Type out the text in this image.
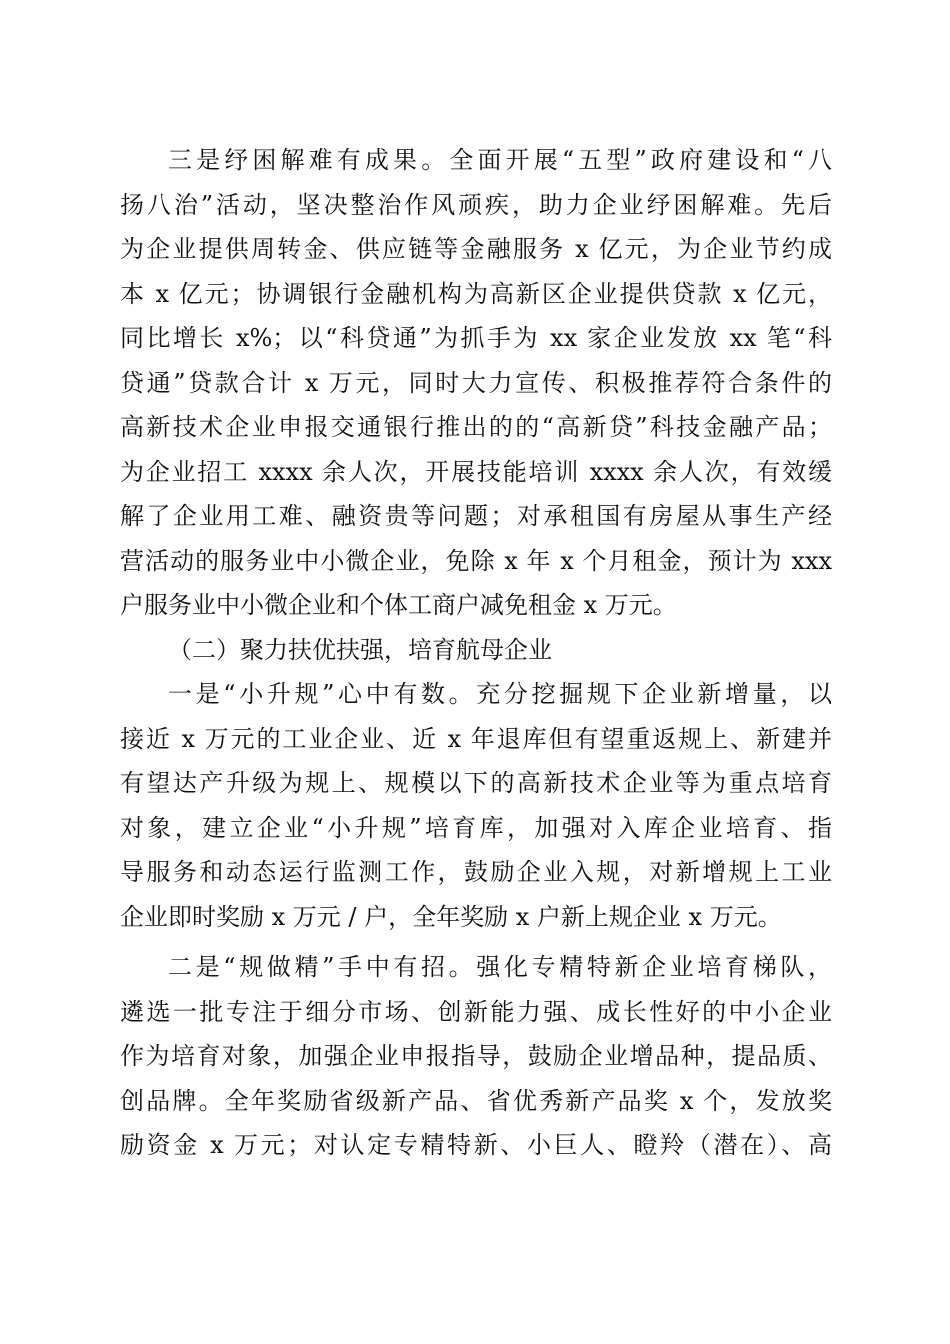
三是纾困解难有成果。全面开展“五型”政府建设和“八
扬八治”活动，坚决整治作风顽疾，助力企业纾困解难。先后
为企业提供周转金、供应链等金融服务 x 亿元，为企业节约成
本 x 亿元；协调银行金融机构为高新区企业提供贷款 x 亿元，
同比增长 x%；以“科贷通”为抓手为 xx 家企业发放 xx 笔“科
贷通”贷款合计 x 万元，同时大力宣传、积极推荐符合条件的
高新技术企业申报交通银行推出的的“高新贷”科技金融产品；
为企业招工 xxxx 余人次，开展技能培训 xxxx 余人次，有效缓
解了企业用工难、融资贵等问题；对承租国有房屋从事生产经
营活动的服务业中小微企业，免除 x 年 x 个月租金，预计为 xxx
户服务业中小微企业和个体工商户减免租金 x 万元。
（二）聚力扶优扶强，培育航母企业
一是“小升规”心中有数。充分挖掘规下企业新增量，以
接近 x 万元的工业企业、近 x 年退库但有望重返规上、新建并
有望达产升级为规上、规模以下的高新技术企业等为重点培育
对象，建立企业“小升规”培育库，加强对入库企业培育、指
导服务和动态运行监测工作，鼓励企业入规，对新增规上工业
企业即时奖励 x 万元 / 户，全年奖励 x 户新上规企业 x 万元。
二是“规做精”手中有招。强化专精特新企业培育梯队，
遴选一批专注于细分市场、创新能力强、成长性好的中小企业
作为培育对象，加强企业申报指导，鼓励企业增品种，提品质、
创品牌。全年奖励省级新产品、省优秀新产品奖 x 个，发放奖
励资金 x 万元；对认定专精特新、小巨人、瞪羚（潜在）、高
